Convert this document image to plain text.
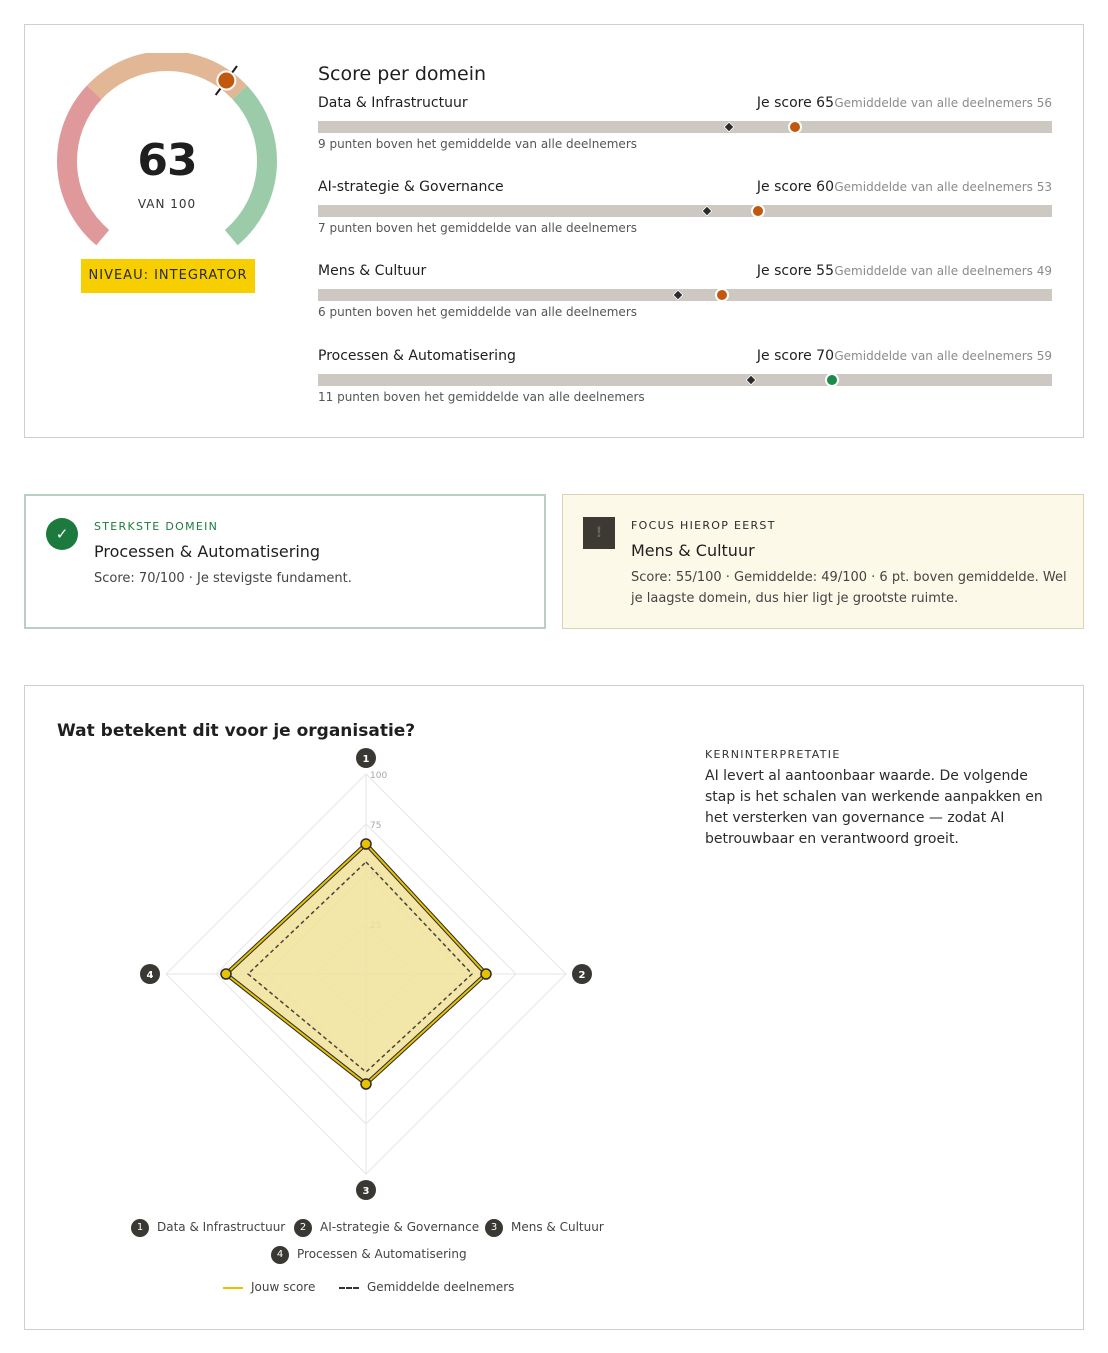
63
VAN 100
NIVEAU: INTEGRATOR
Score per domein
Data & Infrastructuur	Je score 65 Gemiddelde van alle deelnemers 56
9 punten boven het gemiddelde van alle deelnemers
AI-strategie & Governance	Je score 60 Gemiddelde van alle deelnemers 53
7 punten boven het gemiddelde van alle deelnemers
Mens & Cultuur	Je score 55 Gemiddelde van alle deelnemers 49
6 punten boven het gemiddelde van alle deelnemers
Processen & Automatisering	Je score 70 Gemiddelde van alle deelnemers 59
11 punten boven het gemiddelde van alle deelnemers
✓	STERKSTE DOMEIN
Processen & Automatisering
Score: 70/100 · Je stevigste fundament.
!	FOCUS HIEROP EERST
Mens & Cultuur
Score: 55/100 · Gemiddelde: 49/100 · 6 pt. boven gemiddelde. Wel je laagste domein, dus hier ligt je grootste ruimte.
Wat betekent dit voor je organisatie?
75
100
1
2
3
4
KERNINTERPRETATIE
AI levert al aantoonbaar waarde. De volgende stap is het schalen van werkende aanpakken en het versterken van governance — zodat AI betrouwbaar en verantwoord groeit.
1 Data & Infrastructuur	2 AI-strategie & Governance	3 Mens & Cultuur
4 Processen & Automatisering
Jouw score	Gemiddelde deelnemers
